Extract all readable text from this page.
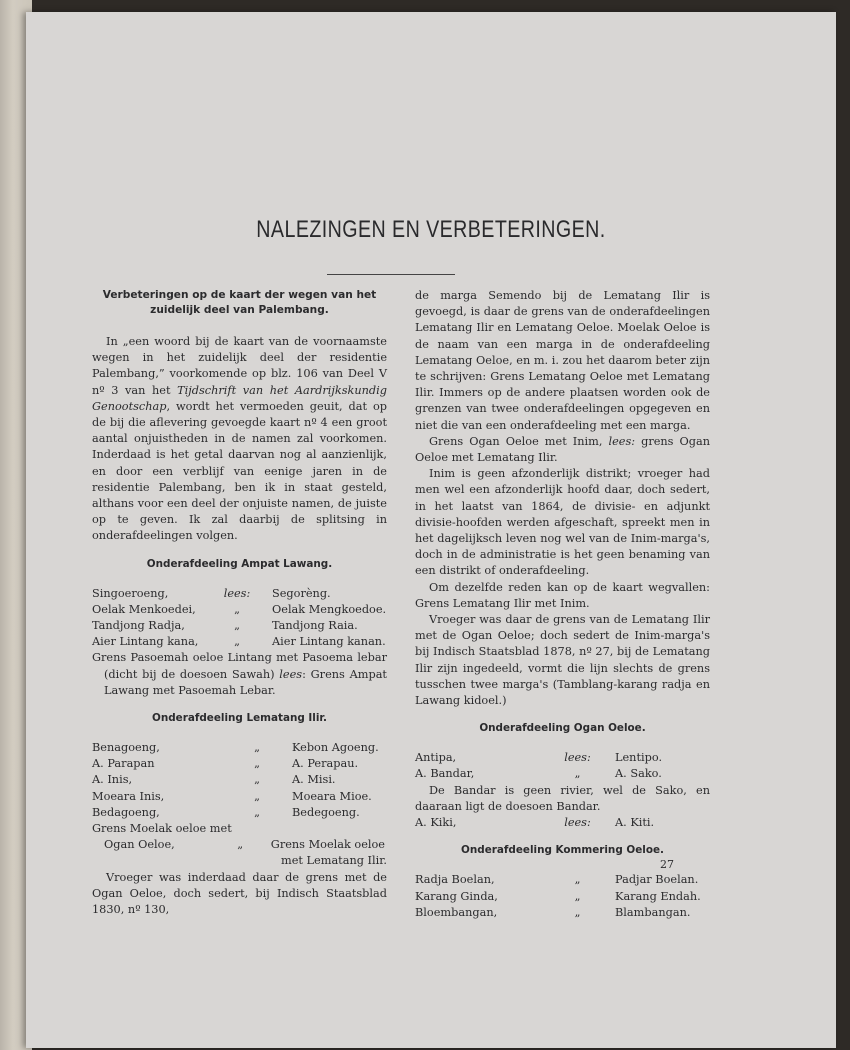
NALEZINGEN EN VERBETERINGEN.
Verbeteringen op de kaart der wegen van het zuidelijk deel van Palembang.

In „een woord bij de kaart van de voornaamste wegen in het zuidelijk deel der residentie Palembang,” voorkomende op blz. 106 van Deel V nº 3 van het Tijdschrift van het Aardrijkskundig Genootschap, wordt het vermoeden geuit, dat op de bij die aflevering gevoegde kaart nº 4 een groot aantal onjuistheden in de namen zal voorkomen. Inderdaad is het getal daarvan nog al aanzienlijk, en door een verblijf van eenige jaren in de residentie Palembang, ben ik in staat gesteld, althans voor een deel der onjuiste namen, de juiste op te geven. Ik zal daarbij de splitsing in onderafdeelingen volgen.

Onderafdeeling Ampat Lawang.
Singoeroeng,	lees:	Segorèng.
Oelak Menkoedei,	„	Oelak Mengkoedoe.
Tandjong Radja,	„	Tandjong Raia.
Aier Lintang kana,	„	Aier Lintang kanan.
Grens Pasoemah oeloe Lintang met Pasoema lebar (dicht bij de doesoen Sawah) lees: Grens Ampat Lawang met Pasoemah Lebar.
Onderafdeeling Lematang Ilir.
Benagoeng,	„	Kebon Agoeng.
A. Parapan	„	A. Perapau.
A. Inis,	„	A. Misi.
Moeara Inis,	„	Moeara Mioe.
Bedagoeng,	„	Bedegoeng.
Grens Moelak oeloe met
Ogan Oeloe,	„	Grens Moelak oeloe
met Lematang Ilir.

Vroeger was inderdaad daar de grens met de Ogan Oeloe, doch sedert, bij Indisch Staatsblad 1830, nº 130,

de marga Semendo bij de Lematang Ilir is gevoegd, is daar de grens van de onderafdeelingen Lematang Ilir en Lematang Oeloe. Moelak Oeloe is de naam van een marga in de onderafdeeling Lematang Oeloe, en m. i. zou het daarom beter zijn te schrijven: Grens Lematang Oeloe met Lematang Ilir. Immers op de andere plaatsen worden ook de grenzen van twee onderafdeelingen opgegeven en niet die van een onderafdeeling met een marga.

Grens Ogan Oeloe met Inim, lees: grens Ogan Oeloe met Lematang Ilir.

Inim is geen afzonderlijk distrikt; vroeger had men wel een afzonderlijk hoofd daar, doch sedert, in het laatst van 1864, de divisie- en adjunkt divisie-hoofden werden afgeschaft, spreekt men in het dagelijksch leven nog wel van de Inim-marga's, doch in de administratie is het geen benaming van een distrikt of onderafdeeling.

Om dezelfde reden kan op de kaart wegvallen: Grens Lematang Ilir met Inim.

Vroeger was daar de grens van de Lematang Ilir met de Ogan Oeloe; doch sedert de Inim-marga's bij Indisch Staatsblad 1878, nº 27, bij de Lematang Ilir zijn ingedeeld, vormt die lijn slechts de grens tusschen twee marga's (Tamblang-karang radja en Lawang kidoel.)

Onderafdeeling Ogan Oeloe.
Antipa,	lees:	Lentipo.
A. Bandar,	„	A. Sako.

De Bandar is geen rivier, wel de Sako, en daaraan ligt de doesoen Bandar.

A. Kiki,	lees:	A. Kiti.
Onderafdeeling Kommering Oeloe.
Radja Boelan,	„	Padjar Boelan.
Karang Ginda,	„	Karang Endah.
Bloembangan,	„	Blambangan.
27
